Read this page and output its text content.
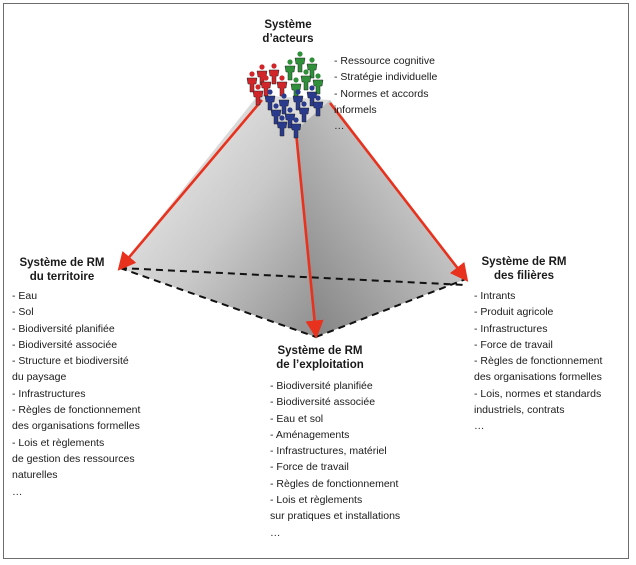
Système
d’acteurs
- Ressource cognitive
- Stratégie individuelle
- Normes et accords
informels
…
Système de RM
du territoire
- Eau
- Sol
- Biodiversité planifiée
- Biodiversité associée
- Structure et biodiversité
du paysage
- Infrastructures
- Règles de fonctionnement
des organisations formelles
- Lois et règlements
de gestion des ressources
naturelles
…
Système de RM
de l’exploitation
- Biodiversité planifiée
- Biodiversité associée
- Eau et sol
- Aménagements
- Infrastructures, matériel
- Force de travail
- Règles de fonctionnement
- Lois et règlements
sur pratiques et installations
…
Système de RM
des filières
- Intrants
- Produit agricole
- Infrastructures
- Force de travail
- Règles de fonctionnement
des organisations formelles
- Lois, normes et standards
industriels, contrats
…
